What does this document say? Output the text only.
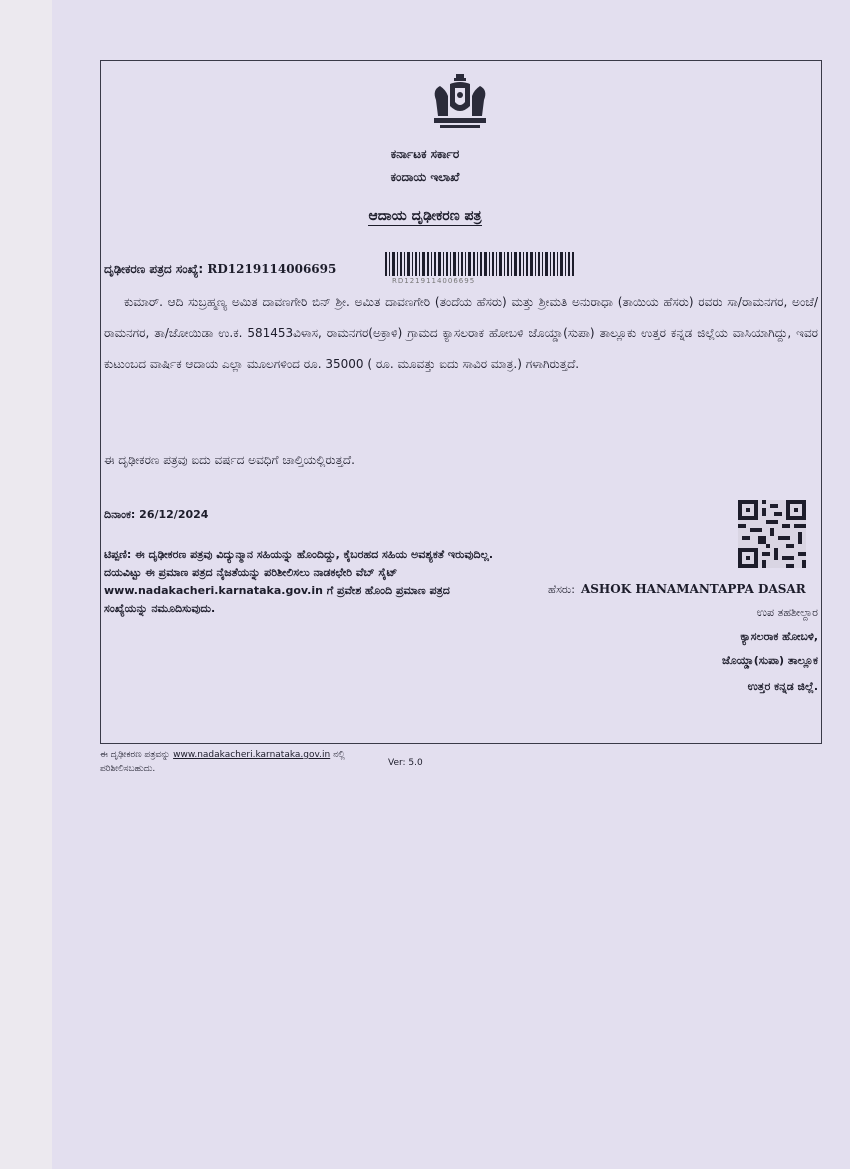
ಕರ್ನಾಟಕ ಸರ್ಕಾರ
ಕಂದಾಯ ಇಲಾಖೆ
ಆದಾಯ ದೃಢೀಕರಣ ಪತ್ರ
ದೃಢೀಕರಣ ಪತ್ರದ ಸಂಖ್ಯೆ: RD1219114006695
RD1219114006695
ಕುಮಾರ್. ಆದಿ ಸುಬ್ರಹ್ಮಣ್ಯ ಅಮಿತ ದಾವಣಗೇರಿ ಬಿನ್ ಶ್ರೀ. ಅಮಿತ ದಾವಣಗೇರಿ (ತಂದೆಯ ಹೆಸರು) ಮತ್ತು ಶ್ರೀಮತಿ ಅನುರಾಧಾ (ತಾಯಿಯ ಹೆಸರು) ರವರು ಸಾ/ರಾಮನಗರ, ಅಂಚೆ/ರಾಮನಗರ, ತಾ/ಜೋಯಿಡಾ ಉ.ಕ. 581453ವಿಳಾಸ, ರಾಮನಗರ(ಅಕ್ರಾಳಿ) ಗ್ರಾಮದ ಕ್ಯಾಸಲರಾಕ ಹೋಬಳಿ ಜೊಯ್ಡಾ(ಸುಪಾ) ತಾಲ್ಲೂಕು ಉತ್ತರ ಕನ್ನಡ ಜಿಲ್ಲೆಯ ವಾಸಿಯಾಗಿದ್ದು, ಇವರ ಕುಟುಂಬದ ವಾರ್ಷಿಕ ಆದಾಯ ಎಲ್ಲಾ ಮೂಲಗಳಿಂದ ರೂ. 35000 ( ರೂ. ಮೂವತ್ತು ಐದು ಸಾವಿರ ಮಾತ್ರ.) ಗಳಾಗಿರುತ್ತದೆ.
ಈ ದೃಢೀಕರಣ ಪತ್ರವು ಐದು ವರ್ಷದ ಅವಧಿಗೆ ಚಾಲ್ತಿಯಲ್ಲಿರುತ್ತದೆ.
ದಿನಾಂಕ: 26/12/2024
ಟಿಪ್ಪಣಿ: ಈ ದೃಢೀಕರಣ ಪತ್ರವು ವಿದ್ಯುನ್ಮಾನ ಸಹಿಯನ್ನು ಹೊಂದಿದ್ದು, ಕೈಬರಹದ ಸಹಿಯ ಅವಶ್ಯಕತೆ ಇರುವುದಿಲ್ಲ.
ದಯವಿಟ್ಟು ಈ ಪ್ರಮಾಣ ಪತ್ರದ ನೈಜತೆಯನ್ನು ಪರಿಶೀಲಿಸಲು ನಾಡಕಛೇರಿ ವೆಬ್ ಸೈಟ್ www.nadakacheri.karnataka.gov.in ಗೆ ಪ್ರವೇಶ ಹೊಂದಿ ಪ್ರಮಾಣ ಪತ್ರದ ಸಂಖ್ಯೆಯನ್ನು ನಮೂದಿಸುವುದು.
ಹೆಸರು: ASHOK HANAMANTAPPA DASAR
ಉಪ ತಹಶೀಲ್ದಾರ
ಕ್ಯಾಸಲರಾಕ ಹೋಬಳಿ,
ಜೊಯ್ಡಾ(ಸುಪಾ) ತಾಲ್ಲೂಕ
ಉತ್ತರ ಕನ್ನಡ ಜಿಲ್ಲೆ.
ಈ ದೃಢೀಕರಣ ಪತ್ರವನ್ನು www.nadakacheri.karnataka.gov.in ನಲ್ಲಿ ಪರಿಶೀಲಿಸಬಹುದು.
Ver: 5.0
